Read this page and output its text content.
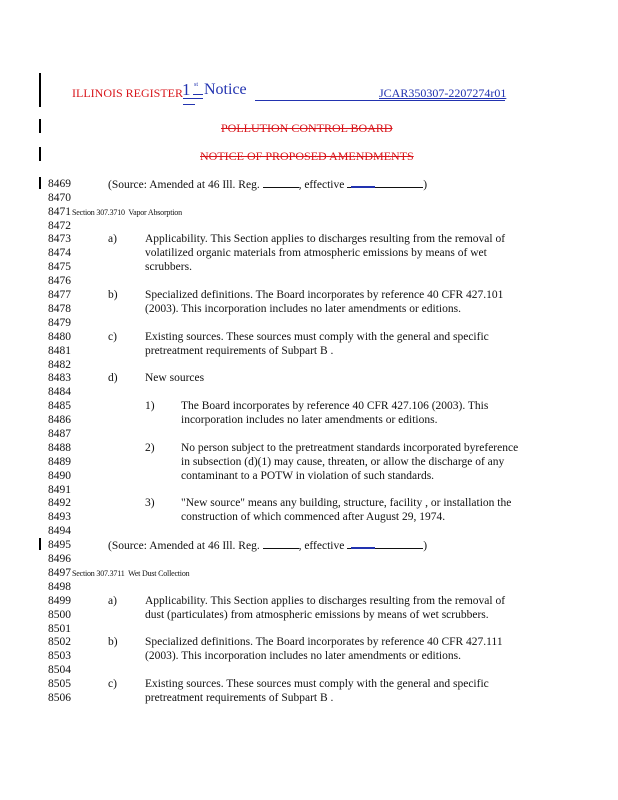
ILLINOIS REGISTER 1 st Notice	JCAR350307-2207274r01
POLLUTION CONTROL BOARD
NOTICE OF PROPOSED AMENDMENTS
8469
8470
8471
8472
8473
8474
8475
8476
8477
8478
8479
8480
8481
8482
8483
8484
8485
8486
8487
8488
8489
8490
8491
8492
8493
8494
8495
8496
8497
8498
8499
8500
8501
8502
8503
8504
8505
8506
(Source: Amended at 46 Ill. Reg.	, effective	)
Section 307.3710 Vapor Absorption
a) Applicability. This Section applies to discharges resulting from the removal of
volatilized organic materials from atmospheric emissions by means of wet
scrubbers.
b) Specialized definitions. The Board incorporates by reference 40 CFR 427.101
(2003). This incorporation includes no later amendments or editions.
c) Existing sources. These sources must comply with the general and specific
pretreatment requirements of Subpart B .
d) New sources
1) The Board incorporates by reference 40 CFR 427.106 (2003). This
incorporation includes no later amendments or editions.
2) No person subject to the pretreatment standards incorporated byreference
in subsection (d)(1) may cause, threaten, or allow the discharge of any
contaminant to a POTW in violation of such standards.
3) "New source" means any building, structure, facility , or installation the
construction of which commenced after August 29, 1974.
(Source: Amended at 46 Ill. Reg.	, effective	)
Section 307.3711 Wet Dust Collection
a) Applicability. This Section applies to discharges resulting from the removal of
dust (particulates) from atmospheric emissions by means of wet scrubbers.
b) Specialized definitions. The Board incorporates by reference 40 CFR 427.111
(2003). This incorporation includes no later amendments or editions.
c) Existing sources. These sources must comply with the general and specific
pretreatment requirements of Subpart B .
